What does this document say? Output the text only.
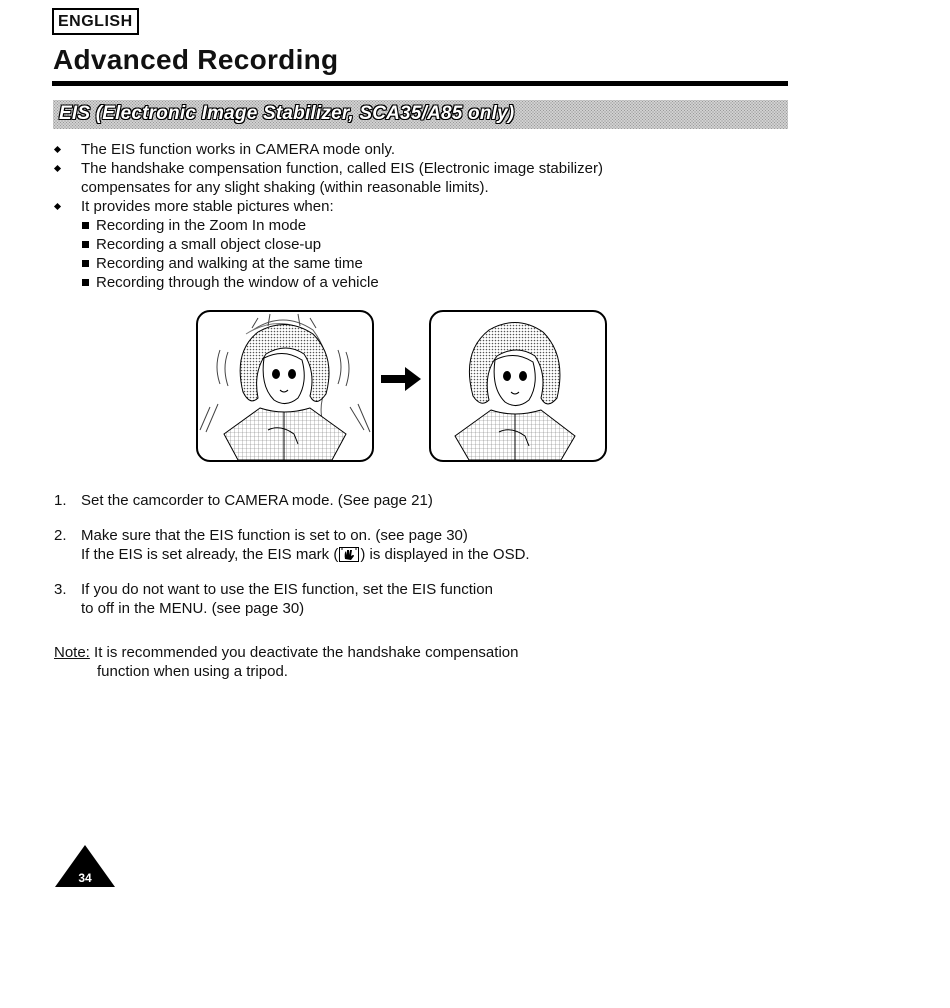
ENGLISH
Advanced Recording
EIS (Electronic Image Stabilizer, SCA35/A85 only)
The EIS function works in CAMERA mode only.
The handshake compensation function, called EIS (Electronic image stabilizer)
compensates for any slight shaking (within reasonable limits).
It provides more stable pictures when:
Recording in the Zoom In mode
Recording a small object close-up
Recording and walking at the same time
Recording through the window of a vehicle
1. Set the camcorder to CAMERA mode. (See page 21)
2. Make sure that the EIS function is set to on. (see page 30)
If the EIS is set already, the EIS mark ( ) is displayed in the OSD.
3. If you do not want to use the EIS function, set the EIS function
to off in the MENU. (see page 30)
Note: It is recommended you deactivate the handshake compensation
function when using a tripod.
34
